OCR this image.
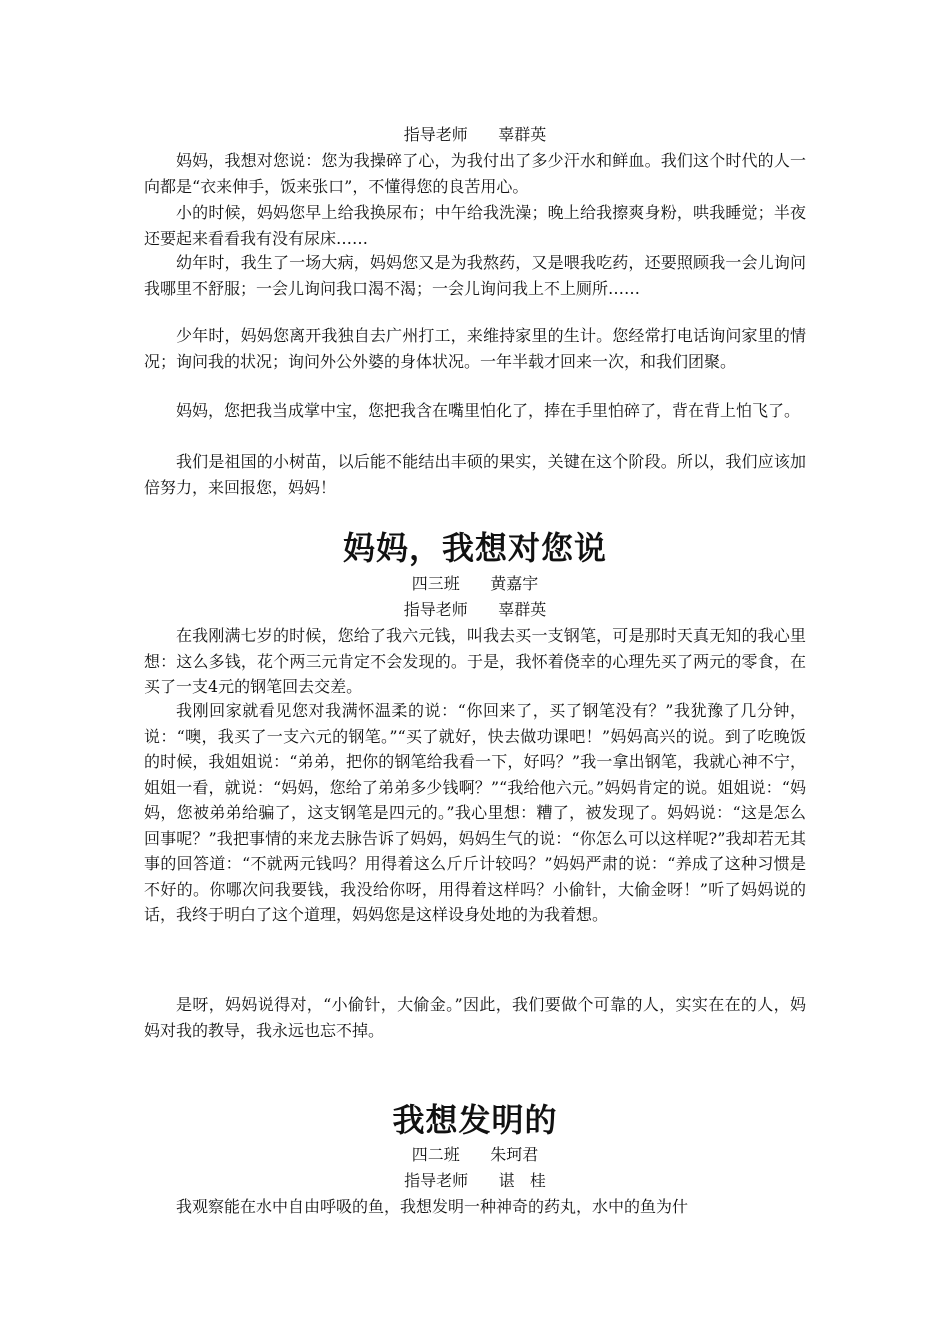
指导老师      辜群英

妈妈，我想对您说：您为我操碎了心，为我付出了多少汗水和鲜血。我们这个时代的人一向都是“衣来伸手，饭来张口”，不懂得您的良苦用心。

小的时候，妈妈您早上给我换尿布；中午给我洗澡；晚上给我擦爽身粉，哄我睡觉；半夜还要起来看看我有没有尿床……

幼年时，我生了一场大病，妈妈您又是为我熬药，又是喂我吃药，还要照顾我一会儿询问我哪里不舒服；一会儿询问我口渴不渴；一会儿询问我上不上厕所……

少年时，妈妈您离开我独自去广州打工，来维持家里的生计。您经常打电话询问家里的情况；询问我的状况；询问外公外婆的身体状况。一年半载才回来一次，和我们团聚。

妈妈，您把我当成掌中宝，您把我含在嘴里怕化了，捧在手里怕碎了，背在背上怕飞了。

我们是祖国的小树苗，以后能不能结出丰硕的果实，关键在这个阶段。所以，我们应该加倍努力，来回报您，妈妈！

妈妈，我想对您说
四三班      黄嘉宇
指导老师      辜群英

在我刚满七岁的时候，您给了我六元钱，叫我去买一支钢笔，可是那时天真无知的我心里想：这么多钱，花个两三元肯定不会发现的。于是，我怀着侥幸的心理先买了两元的零食，在买了一支4元的钢笔回去交差。

我刚回家就看见您对我满怀温柔的说：“你回来了，买了钢笔没有？”我犹豫了几分钟，说：“噢，我买了一支六元的钢笔。”“买了就好，快去做功课吧！”妈妈高兴的说。到了吃晚饭的时候，我姐姐说：“弟弟，把你的钢笔给我看一下，好吗？”我一拿出钢笔，我就心神不宁，姐姐一看，就说：“妈妈，您给了弟弟多少钱啊？”“我给他六元。”妈妈肯定的说。姐姐说：“妈妈，您被弟弟给骗了，这支钢笔是四元的。”我心里想：糟了，被发现了。妈妈说：“这是怎么回事呢？”我把事情的来龙去脉告诉了妈妈，妈妈生气的说：“你怎么可以这样呢?”我却若无其事的回答道：“不就两元钱吗？用得着这么斤斤计较吗？”妈妈严肃的说：“养成了这种习惯是不好的。你哪次问我要钱，我没给你呀，用得着这样吗？小偷针，大偷金呀！”听了妈妈说的话，我终于明白了这个道理，妈妈您是这样设身处地的为我着想。

是呀，妈妈说得对，“小偷针，大偷金。”因此，我们要做个可靠的人，实实在在的人，妈妈对我的教导，我永远也忘不掉。

我想发明的
四二班      朱珂君
指导老师      谌   桂

我观察能在水中自由呼吸的鱼，我想发明一种神奇的药丸，水中的鱼为什
